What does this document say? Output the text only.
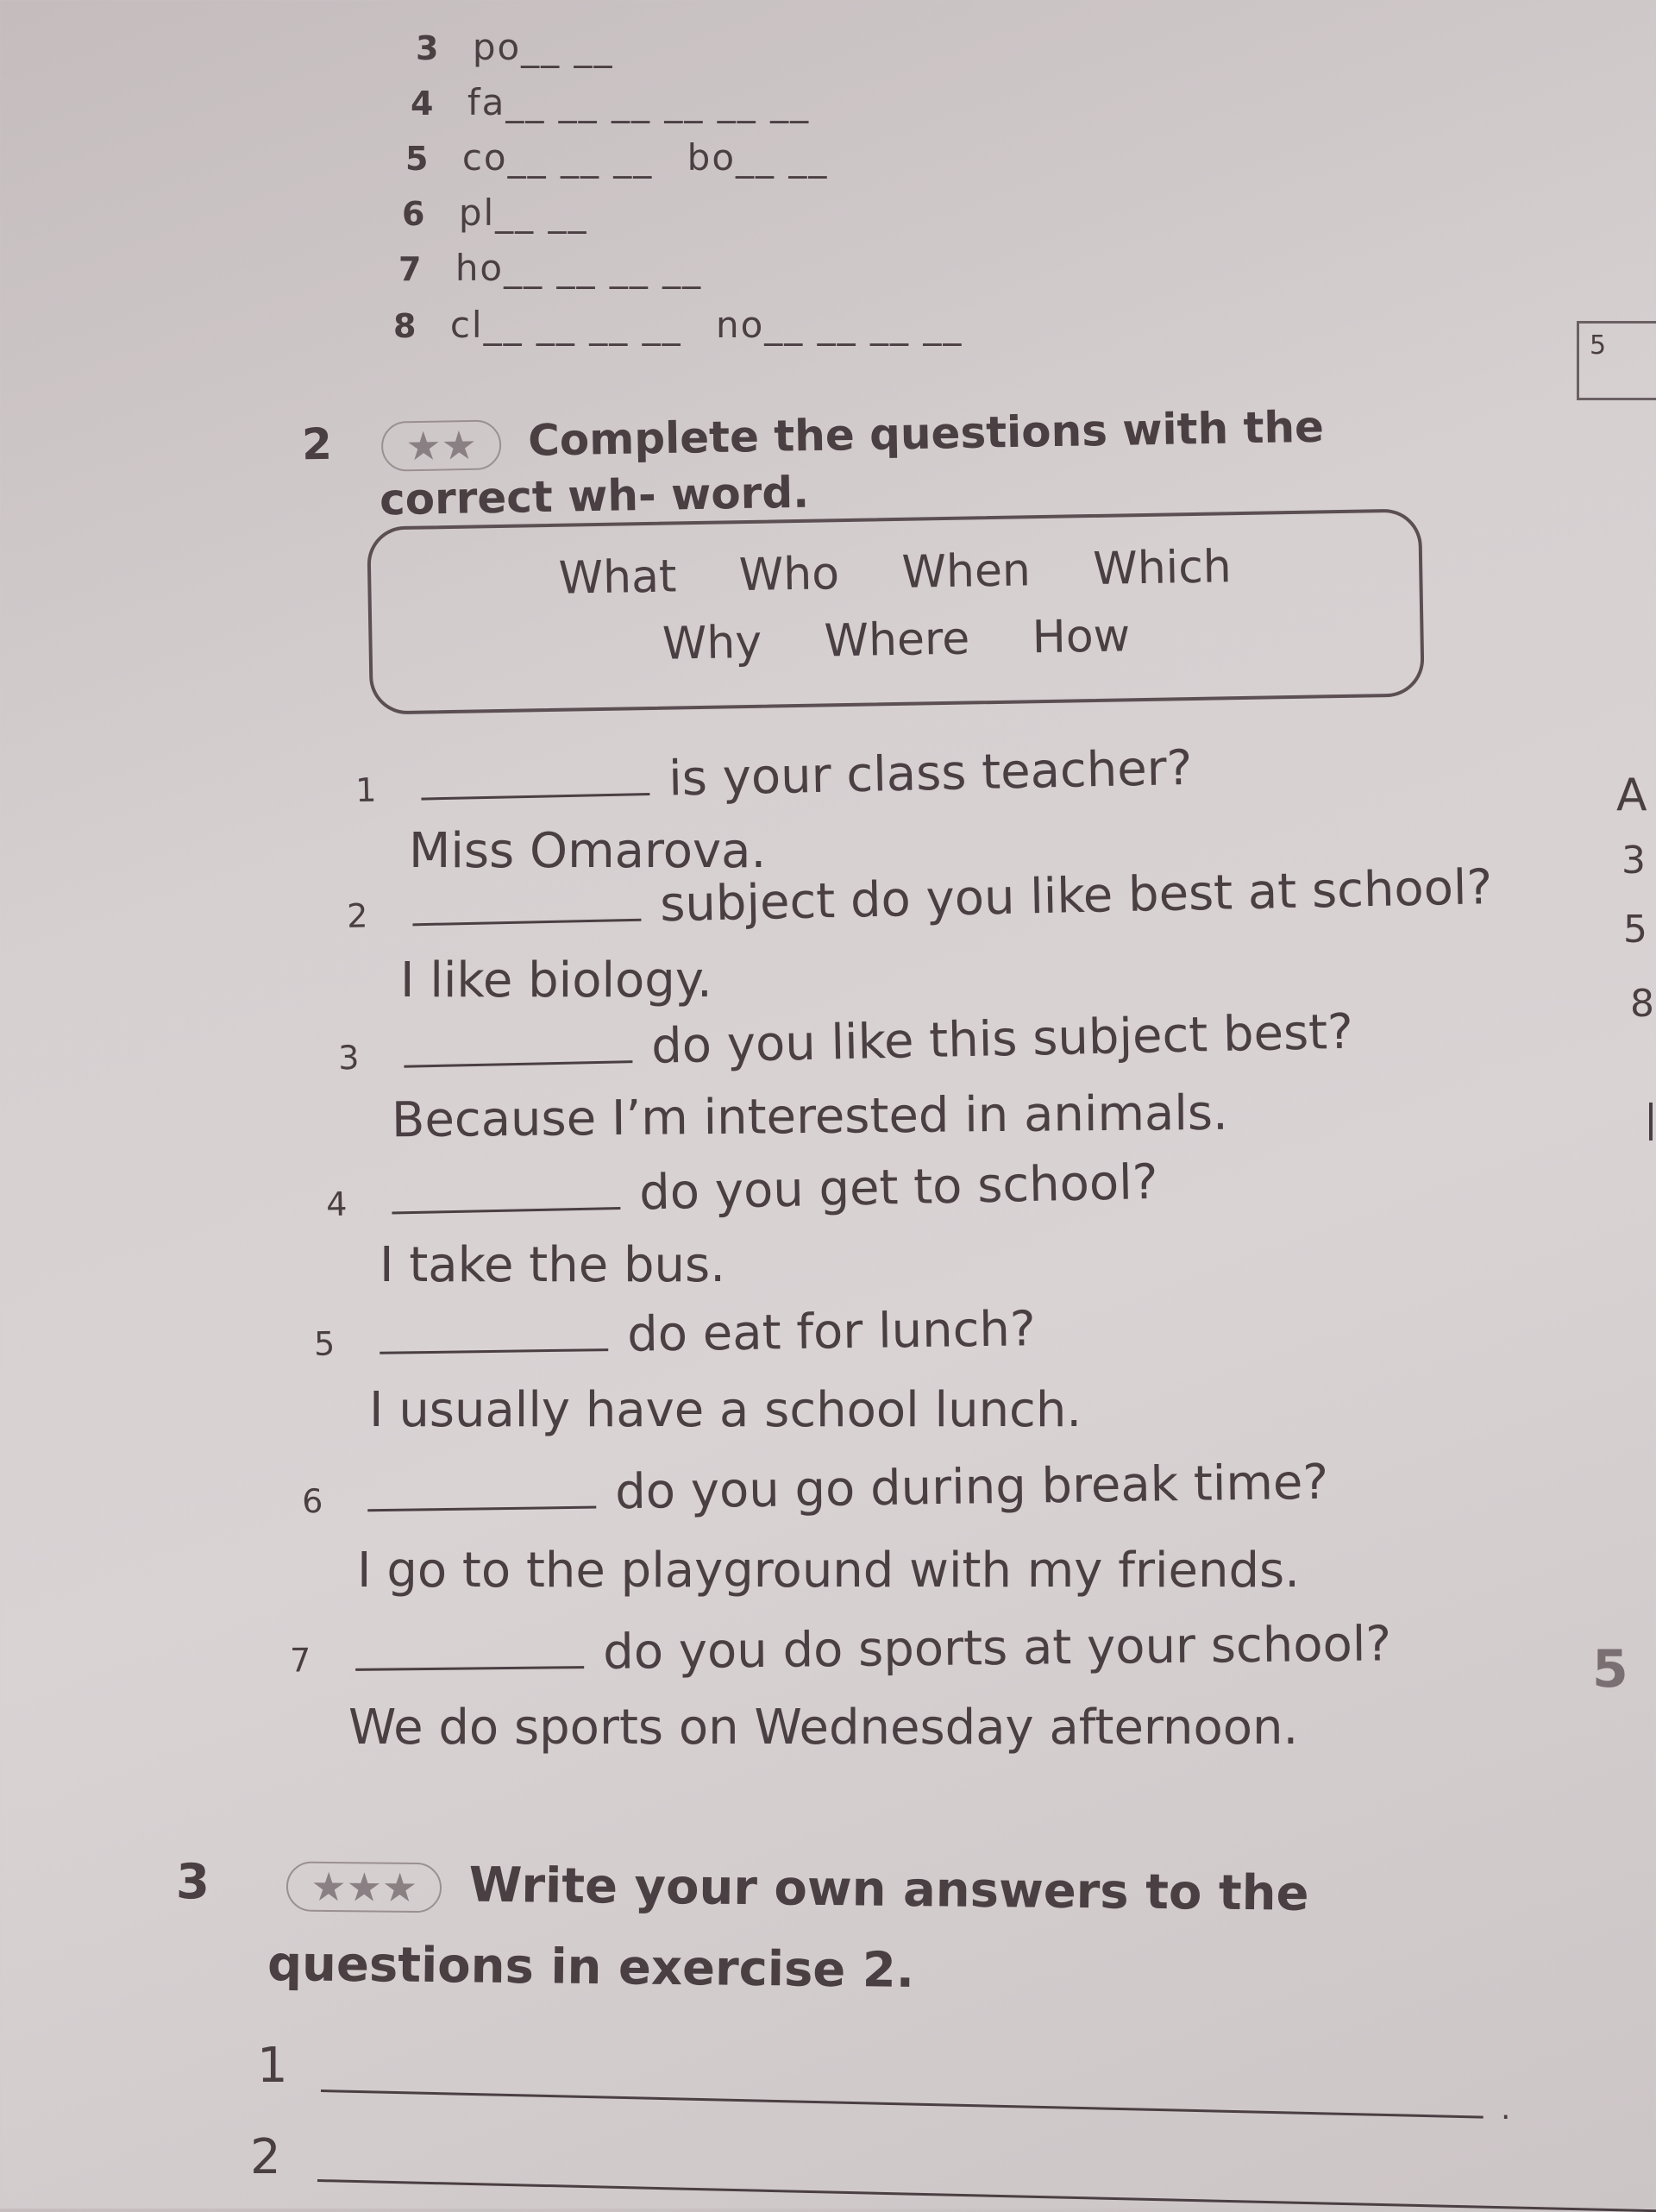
3 po__ __
4 fa__ __ __ __ __ __
5 co__ __ __ bo__ __
6 pl__ __
7 ho__ __ __ __
8 cl__ __ __ __ no__ __ __ __	5
2 ★★ Complete the questions with the
correct wh- word.
What Who When Which
Why Where How
1	is your class teacher?
Miss Omarova.
2	subject do you like best at school?
I like biology.
3	do you like this subject best?
Because I’m interested in animals.
4	do you get to school?
I take the bus.
5	do eat for lunch?
I usually have a school lunch.
6	do you go during break time?
I go to the playground with my friends.
7	do you do sports at your school?
We do sports on Wednesday afternoon.
5
A
3
5
8
3	★★★ Write your own answers to the
questions in exercise 2.
1
.
2
